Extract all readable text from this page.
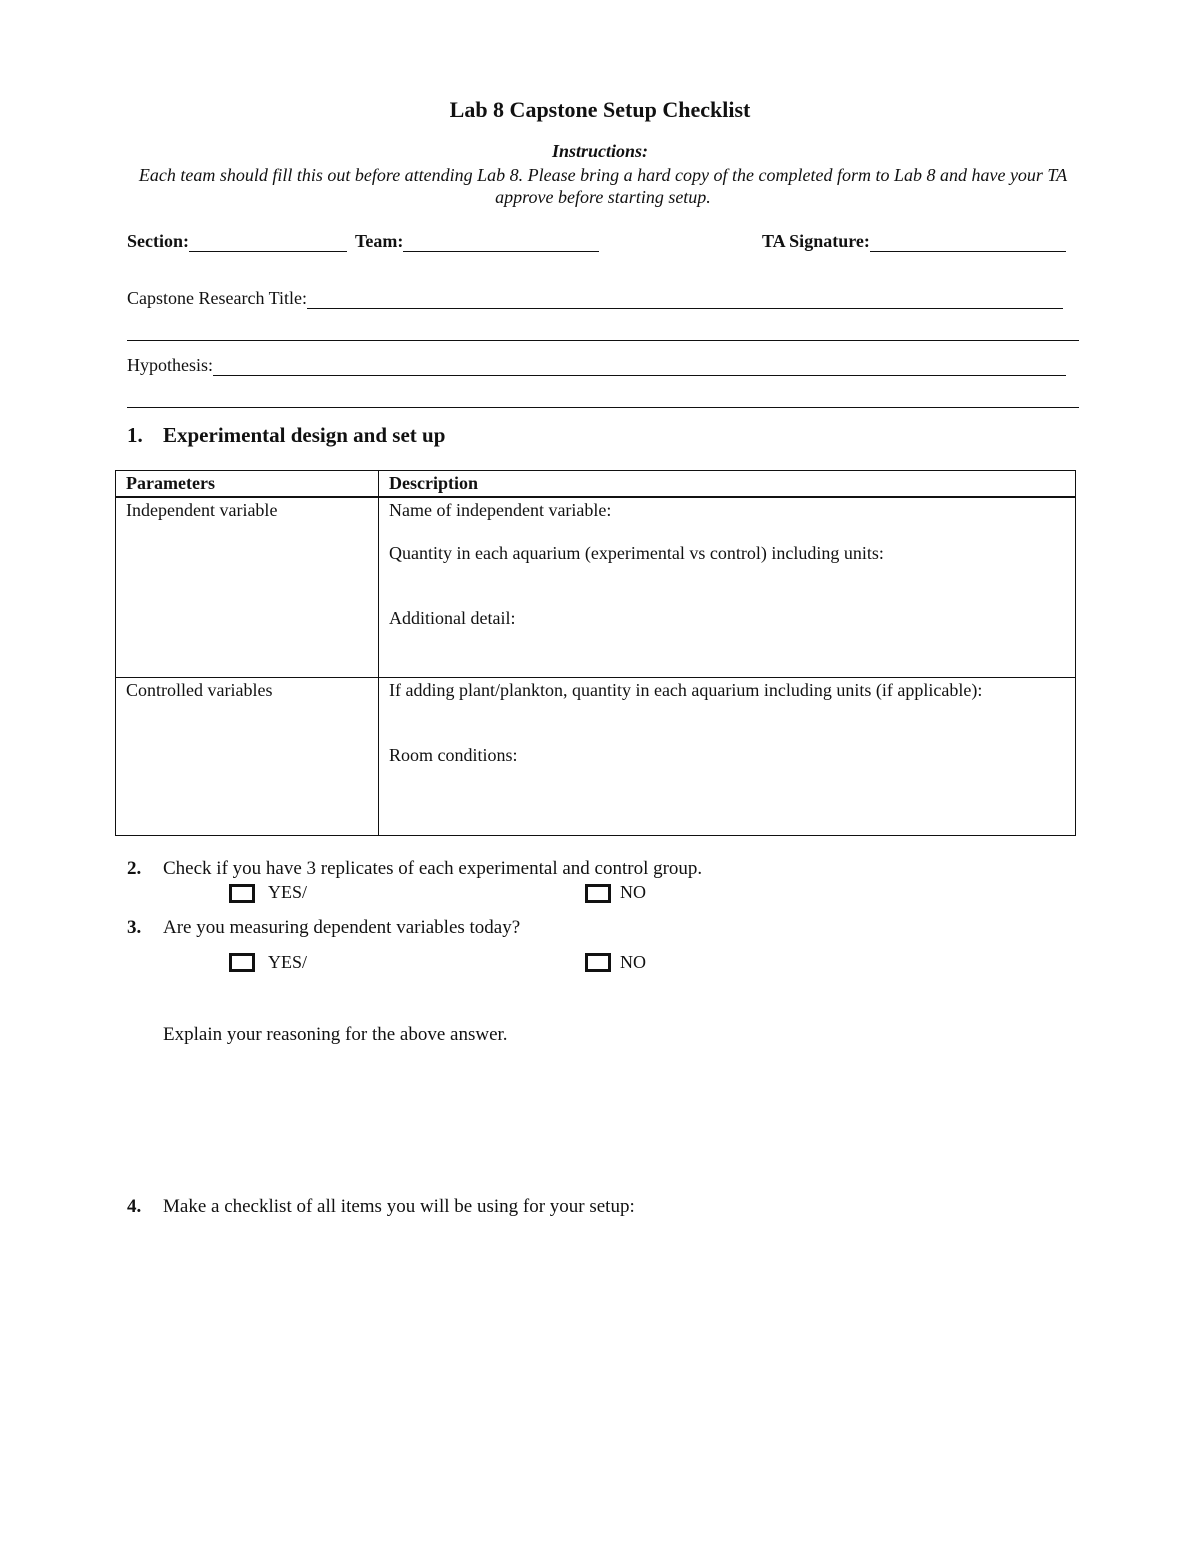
Lab 8 Capstone Setup Checklist
Instructions:
Each team should fill this out before attending Lab 8. Please bring a hard copy of the completed form to Lab 8 and have your TA approve before starting setup.
Section:	Team:	TA Signature:
Capstone Research Title:
Hypothesis:
1. Experimental design and set up
Parameters	Description
Independent variable	Name of independent variable:
Quantity in each aquarium (experimental vs control) including units:
Additional detail:

Controlled variables	If adding plant/plankton, quantity in each aquarium including units (if applicable):
Room conditions:
2. Check if you have 3 replicates of each experimental and control group.
YES/	NO
3. Are you measuring dependent variables today?
YES/	NO
Explain your reasoning for the above answer.
4. Make a checklist of all items you will be using for your setup:
